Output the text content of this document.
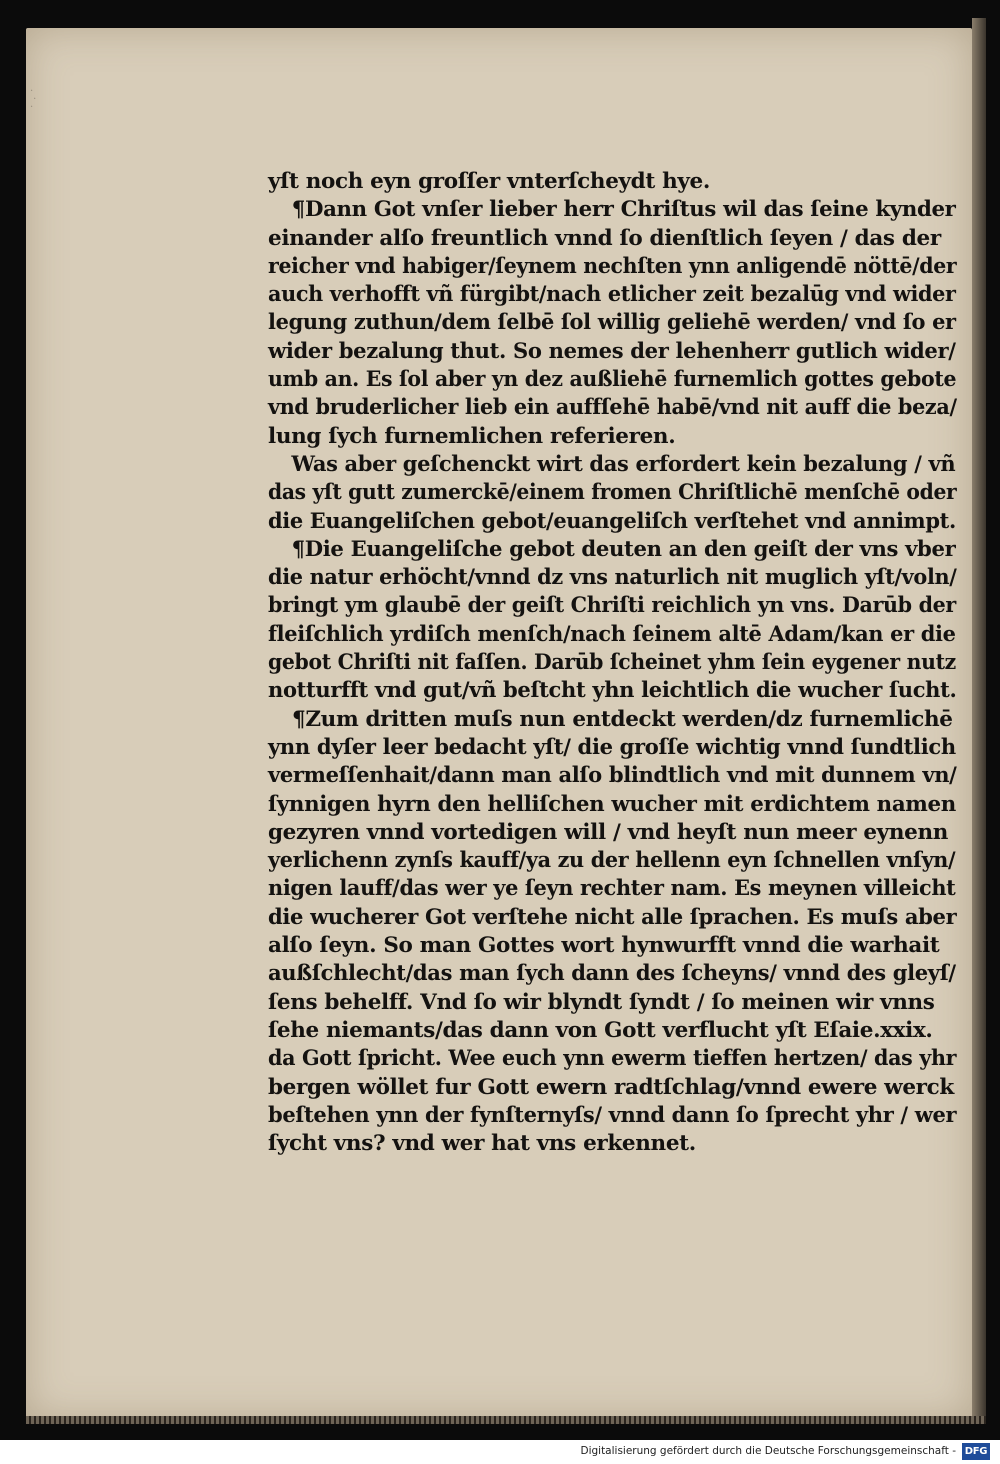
·
·
·
yſt noch eyn groſſer vnterſcheydt hye.
¶Dann Got vnſer lieber herr Chriſtus wil das ſeine kynder
einander alſo freuntlich vnnd ſo dienſtlich ſeyen / das der
reicher vnd habiger/ſeynem nechſten ynn anligendē nöttē/der
auch verhofft vñ fürgibt/nach etlicher zeit bezalūg vnd wider
legung zuthun/dem ſelbē ſol willig geliehē werden/ vnd ſo er
wider bezalung thut. So nemes der lehenherr gutlich wider/
umb an. Es ſol aber yn dez außliehē furnemlich gottes gebote
vnd bruderlicher lieb ein auffſehē habē/vnd nit auff die beza/
lung ſych furnemlichen referieren.
Was aber geſchenckt wirt das erfordert kein bezalung / vñ
das yſt gutt zumerckē/einem fromen Chriſtlichē menſchē oder
die Euangeliſchen gebot/euangeliſch verſtehet vnd annimpt.
¶Die Euangeliſche gebot deuten an den geiſt der vns vber
die natur erhöcht/vnnd dz vns naturlich nit muglich yſt/voln/
bringt ym glaubē der geiſt Chriſti reichlich yn vns. Darūb der
fleiſchlich yrdiſch menſch/nach ſeinem altē Adam/kan er die
gebot Chriſti nit faſſen. Darūb ſcheinet yhm ſein eygener nutz
notturfft vnd gut/vñ beſtcht yhn leichtlich die wucher ſucht.
¶Zum dritten muſs nun entdeckt werden/dz furnemlichē
ynn dyſer leer bedacht yſt/ die groſſe wichtig vnnd ſundtlich
vermeſſenhait/dann man alſo blindtlich vnd mit dunnem vn/
ſynnigen hyrn den helliſchen wucher mit erdichtem namen
gezyren vnnd vortedigen will / vnd heyſt nun meer eynenn
yerlichenn zynſs kauff/ya zu der hellenn eyn ſchnellen vnſyn/
nigen lauff/das wer ye ſeyn rechter nam. Es meynen villeicht
die wucherer Got verſtehe nicht alle ſprachen. Es muſs aber
alſo ſeyn. So man Gottes wort hynwurfft vnnd die warhait
außſchlecht/das man ſych dann des ſcheyns/ vnnd des gleyſ/
ſens behelff. Vnd ſo wir blyndt ſyndt / ſo meinen wir vnns
ſehe niemants/das dann von Gott verflucht yſt Eſaie.xxix.
da Gott ſpricht. Wee euch ynn ewerm tieffen hertzen/ das yhr
bergen wöllet fur Gott ewern radtſchlag/vnnd ewere werck
beſtehen ynn der fynſternyſs/ vnnd dann ſo ſprecht yhr / wer
ſycht vns? vnd wer hat vns erkennet.
Digitalisierung gefördert durch die Deutsche Forschungsgemeinschaft - DFG
